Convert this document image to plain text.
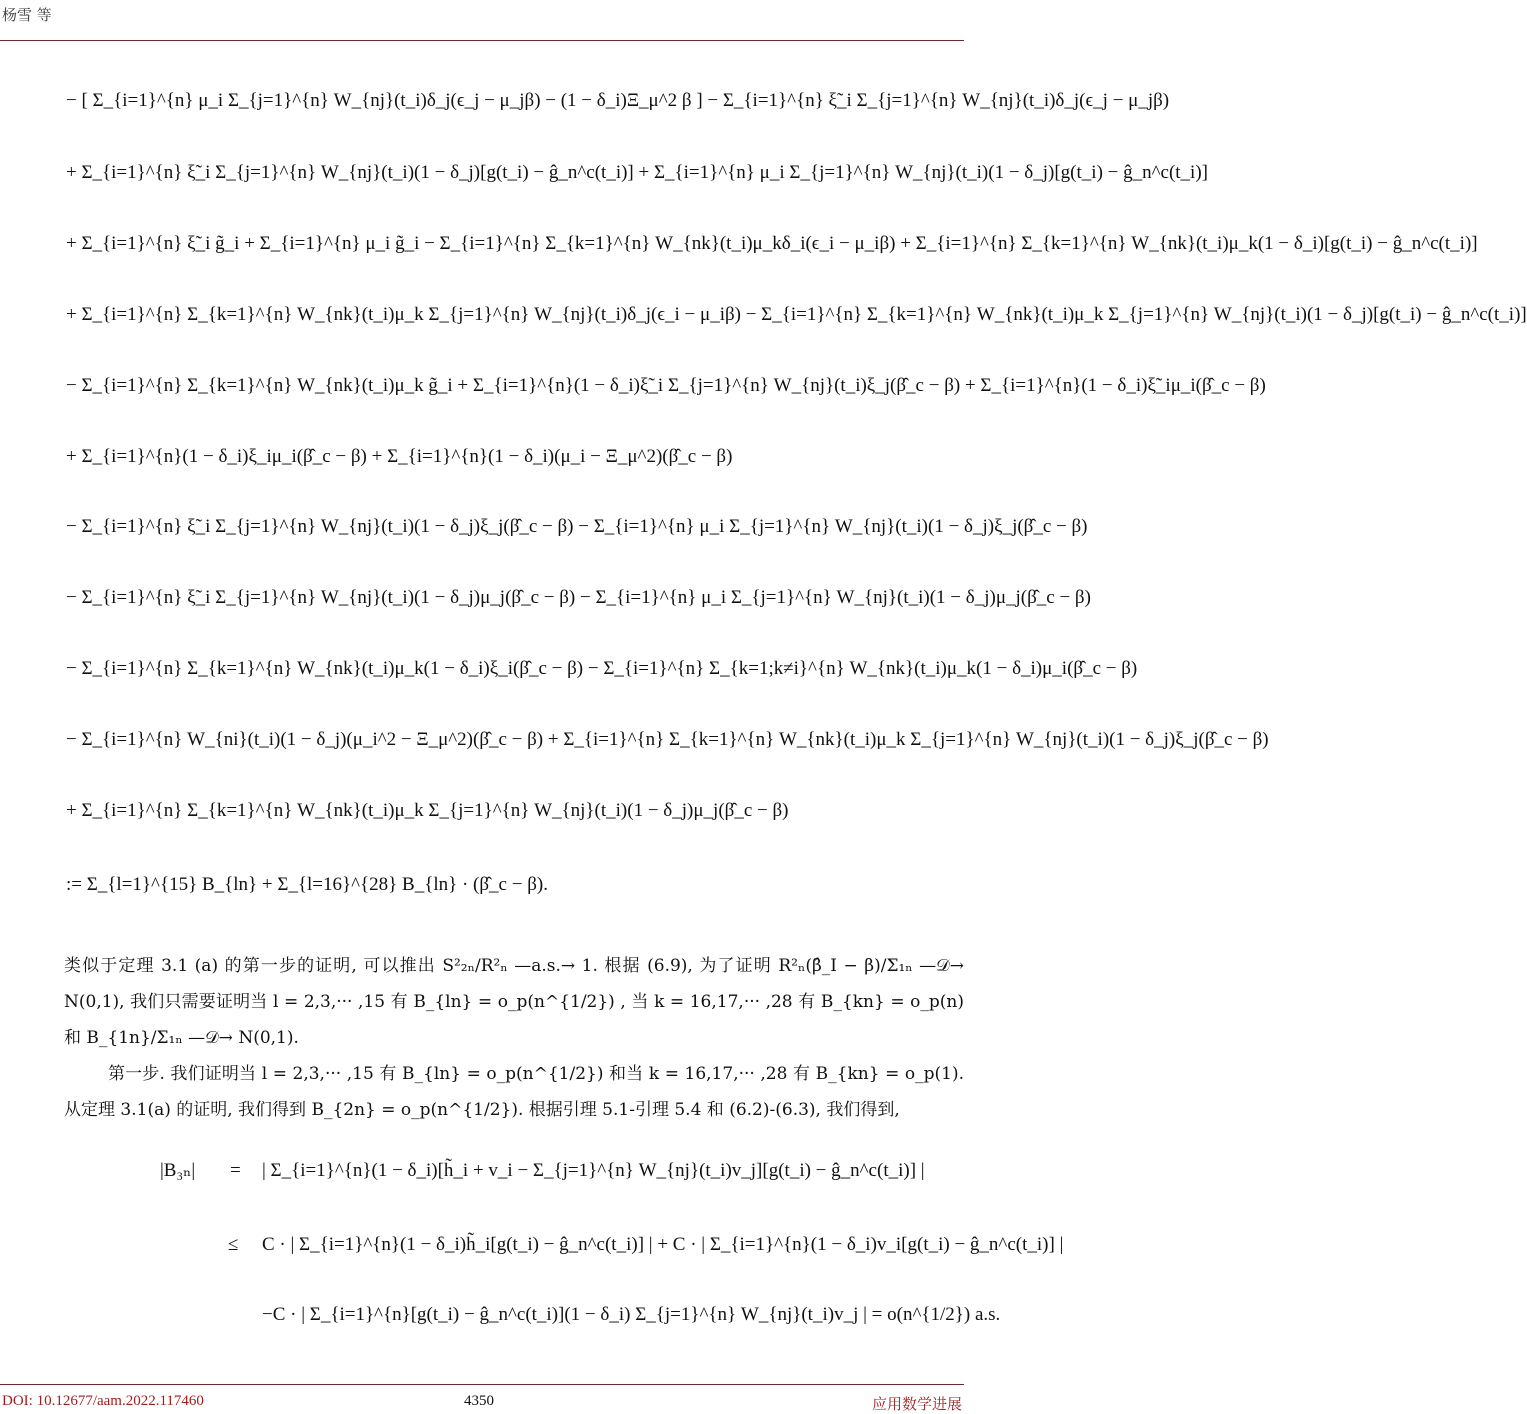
杨雪 等
− [ Σ_{i=1}^{n} μ_i Σ_{j=1}^{n} W_{nj}(t_i)δ_j(ϵ_j − μ_jβ) − (1 − δ_i)Ξ_μ^2 β ] − Σ_{i=1}^{n} ξ̃_i Σ_{j=1}^{n} W_{nj}(t_i)δ_j(ϵ_j − μ_jβ)
+ Σ_{i=1}^{n} ξ̃_i Σ_{j=1}^{n} W_{nj}(t_i)(1 − δ_j)[g(t_i) − ĝ_n^c(t_i)] + Σ_{i=1}^{n} μ_i Σ_{j=1}^{n} W_{nj}(t_i)(1 − δ_j)[g(t_i) − ĝ_n^c(t_i)]
+ Σ_{i=1}^{n} ξ̃_i g̃_i + Σ_{i=1}^{n} μ_i g̃_i − Σ_{i=1}^{n} Σ_{k=1}^{n} W_{nk}(t_i)μ_kδ_i(ϵ_i − μ_iβ) + Σ_{i=1}^{n} Σ_{k=1}^{n} W_{nk}(t_i)μ_k(1 − δ_i)[g(t_i) − ĝ_n^c(t_i)]
+ Σ_{i=1}^{n} Σ_{k=1}^{n} W_{nk}(t_i)μ_k Σ_{j=1}^{n} W_{nj}(t_i)δ_j(ϵ_i − μ_iβ) − Σ_{i=1}^{n} Σ_{k=1}^{n} W_{nk}(t_i)μ_k Σ_{j=1}^{n} W_{nj}(t_i)(1 − δ_j)[g(t_i) − ĝ_n^c(t_i)]
− Σ_{i=1}^{n} Σ_{k=1}^{n} W_{nk}(t_i)μ_k g̃_i + Σ_{i=1}^{n}(1 − δ_i)ξ̃_i Σ_{j=1}^{n} W_{nj}(t_i)ξ_j(β̂_c − β) + Σ_{i=1}^{n}(1 − δ_i)ξ̃_iμ_i(β̂_c − β)
+ Σ_{i=1}^{n}(1 − δ_i)ξ_iμ_i(β̂_c − β) + Σ_{i=1}^{n}(1 − δ_i)(μ_i − Ξ_μ^2)(β̂_c − β)
− Σ_{i=1}^{n} ξ̃_i Σ_{j=1}^{n} W_{nj}(t_i)(1 − δ_j)ξ_j(β̂_c − β) − Σ_{i=1}^{n} μ_i Σ_{j=1}^{n} W_{nj}(t_i)(1 − δ_j)ξ_j(β̂_c − β)
− Σ_{i=1}^{n} ξ̃_i Σ_{j=1}^{n} W_{nj}(t_i)(1 − δ_j)μ_j(β̂_c − β) − Σ_{i=1}^{n} μ_i Σ_{j=1}^{n} W_{nj}(t_i)(1 − δ_j)μ_j(β̂_c − β)
− Σ_{i=1}^{n} Σ_{k=1}^{n} W_{nk}(t_i)μ_k(1 − δ_i)ξ_i(β̂_c − β) − Σ_{i=1}^{n} Σ_{k=1;k≠i}^{n} W_{nk}(t_i)μ_k(1 − δ_i)μ_i(β̂_c − β)
− Σ_{i=1}^{n} W_{ni}(t_i)(1 − δ_j)(μ_i^2 − Ξ_μ^2)(β̂_c − β) + Σ_{i=1}^{n} Σ_{k=1}^{n} W_{nk}(t_i)μ_k Σ_{j=1}^{n} W_{nj}(t_i)(1 − δ_j)ξ_j(β̂_c − β)
+ Σ_{i=1}^{n} Σ_{k=1}^{n} W_{nk}(t_i)μ_k Σ_{j=1}^{n} W_{nj}(t_i)(1 − δ_j)μ_j(β̂_c − β)
:= Σ_{l=1}^{15} B_{ln} + Σ_{l=16}^{28} B_{ln} · (β̂_c − β).

类似于定理 3.1 (a) 的第一步的证明, 可以推出 S²₂ₙ/R²ₙ —a.s.→ 1. 根据 (6.9), 为了证明 R²ₙ(β̂_I − β)/Σ₁ₙ —𝒟→ N(0,1), 我们只需要证明当 l = 2,3,··· ,15 有 B_{ln} = o_p(n^{1/2}) , 当 k = 16,17,··· ,28 有 B_{kn} = o_p(n) 和 B_{1n}/Σ₁ₙ —𝒟→ N(0,1).

第一步. 我们证明当 l = 2,3,··· ,15 有 B_{ln} = o_p(n^{1/2}) 和当 k = 16,17,··· ,28 有 B_{kn} = o_p(1). 从定理 3.1(a) 的证明, 我们得到 B_{2n} = o_p(n^{1/2}). 根据引理 5.1-引理 5.4 和 (6.2)-(6.3), 我们得到,

|B₃ₙ| = | Σ_{i=1}^{n}(1 − δ_i)[h̃_i + v_i − Σ_{j=1}^{n} W_{nj}(t_i)v_j][g(t_i) − ĝ_n^c(t_i)] |
≤ C · | Σ_{i=1}^{n}(1 − δ_i)h̃_i[g(t_i) − ĝ_n^c(t_i)] | + C · | Σ_{i=1}^{n}(1 − δ_i)v_i[g(t_i) − ĝ_n^c(t_i)] |
−C · | Σ_{i=1}^{n}[g(t_i) − ĝ_n^c(t_i)](1 − δ_i) Σ_{j=1}^{n} W_{nj}(t_i)v_j | = o(n^{1/2}) a.s.
DOI: 10.12677/aam.2022.117460	4350	应用数学进展
